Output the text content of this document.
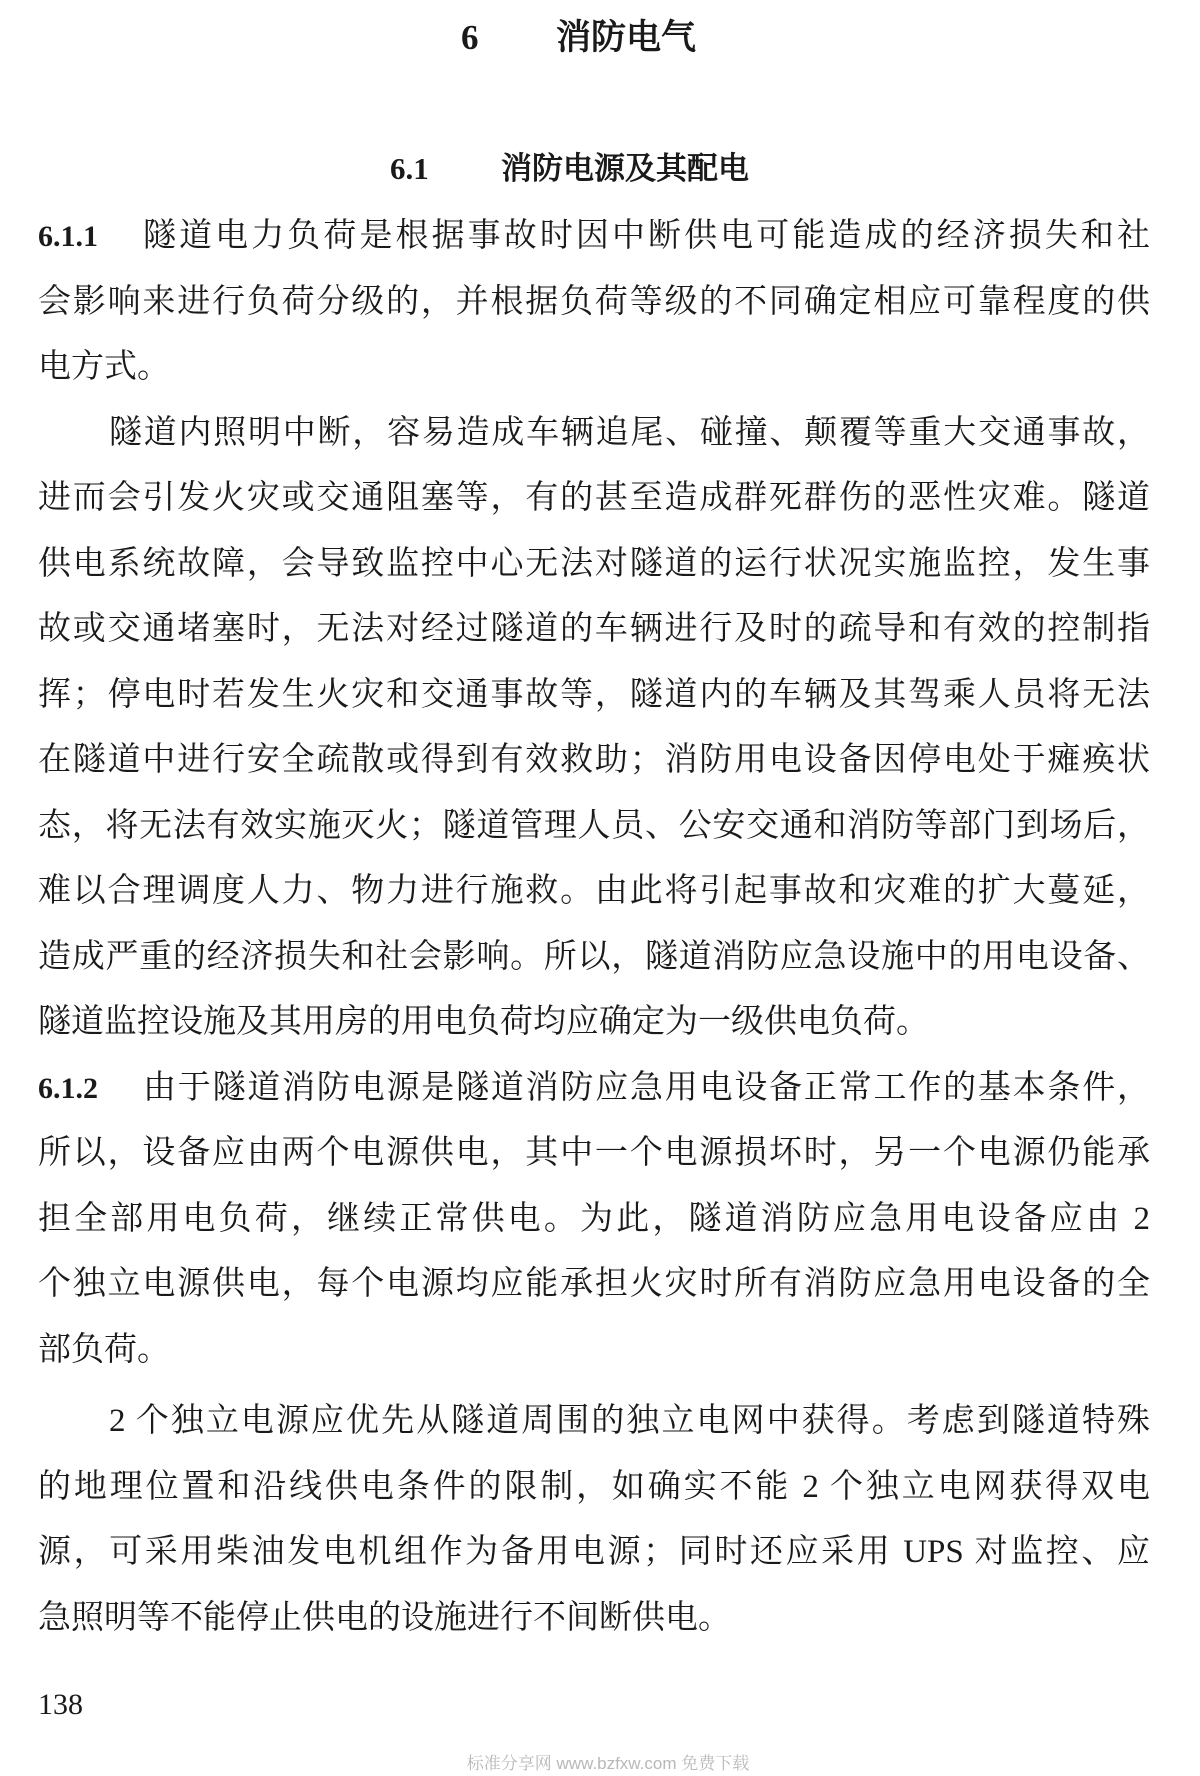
6 消防电气
6.1 消防电源及其配电
6.1.1	隧道电力负荷是根据事故时因中断供电可能造成的经济损失和社
会影响来进行负荷分级的，并根据负荷等级的不同确定相应可靠程度的供
电方式。
隧道内照明中断，容易造成车辆追尾、碰撞、颠覆等重大交通事故，
进而会引发火灾或交通阻塞等，有的甚至造成群死群伤的恶性灾难。隧道
供电系统故障，会导致监控中心无法对隧道的运行状况实施监控，发生事
故或交通堵塞时，无法对经过隧道的车辆进行及时的疏导和有效的控制指
挥；停电时若发生火灾和交通事故等，隧道内的车辆及其驾乘人员将无法
在隧道中进行安全疏散或得到有效救助；消防用电设备因停电处于瘫痪状
态，将无法有效实施灭火；隧道管理人员、公安交通和消防等部门到场后，
难以合理调度人力、物力进行施救。由此将引起事故和灾难的扩大蔓延，
造成严重的经济损失和社会影响。所以，隧道消防应急设施中的用电设备、
隧道监控设施及其用房的用电负荷均应确定为一级供电负荷。
6.1.2	由于隧道消防电源是隧道消防应急用电设备正常工作的基本条件，
所以，设备应由两个电源供电，其中一个电源损坏时，另一个电源仍能承
担全部用电负荷，继续正常供电。为此，隧道消防应急用电设备应由 2
个独立电源供电，每个电源均应能承担火灾时所有消防应急用电设备的全
部负荷。
2 个独立电源应优先从隧道周围的独立电网中获得。考虑到隧道特殊
的地理位置和沿线供电条件的限制，如确实不能 2 个独立电网获得双电
源，可采用柴油发电机组作为备用电源；同时还应采用 UPS 对监控、应
急照明等不能停止供电的设施进行不间断供电。
138
标准分享网 www.bzfxw.com 免费下载
